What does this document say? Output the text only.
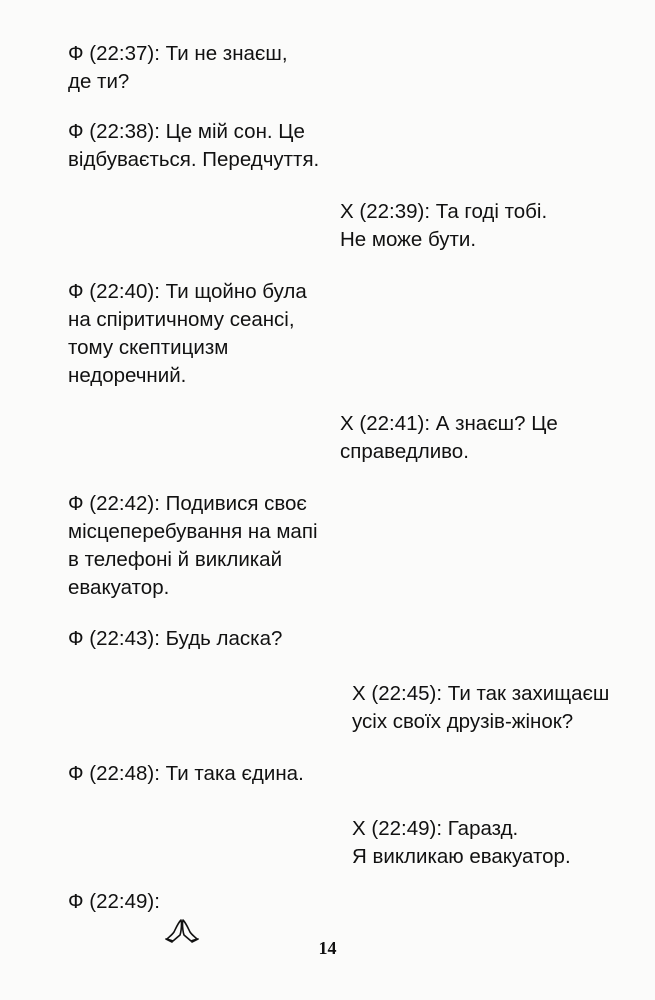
Ф (22:37): Ти не знаєш,
де ти?

Ф (22:38): Це мій сон. Це
відбувається. Передчуття.

Х (22:39): Та годі тобі.
Не може бути.

Ф (22:40): Ти щойно була
на спіритичному сеансі,
тому скептицизм
недоречний.

Х (22:41): А знаєш? Це
справедливо.

Ф (22:42): Подивися своє
місцеперебування на мапі
в телефоні й викликай
евакуатор.

Ф (22:43): Будь ласка?

Х (22:45): Ти так захищаєш
усіх своїх друзів-жінок?

Ф (22:48): Ти така єдина.

Х (22:49): Гаразд.
Я викликаю евакуатор.

Ф (22:49):

14
